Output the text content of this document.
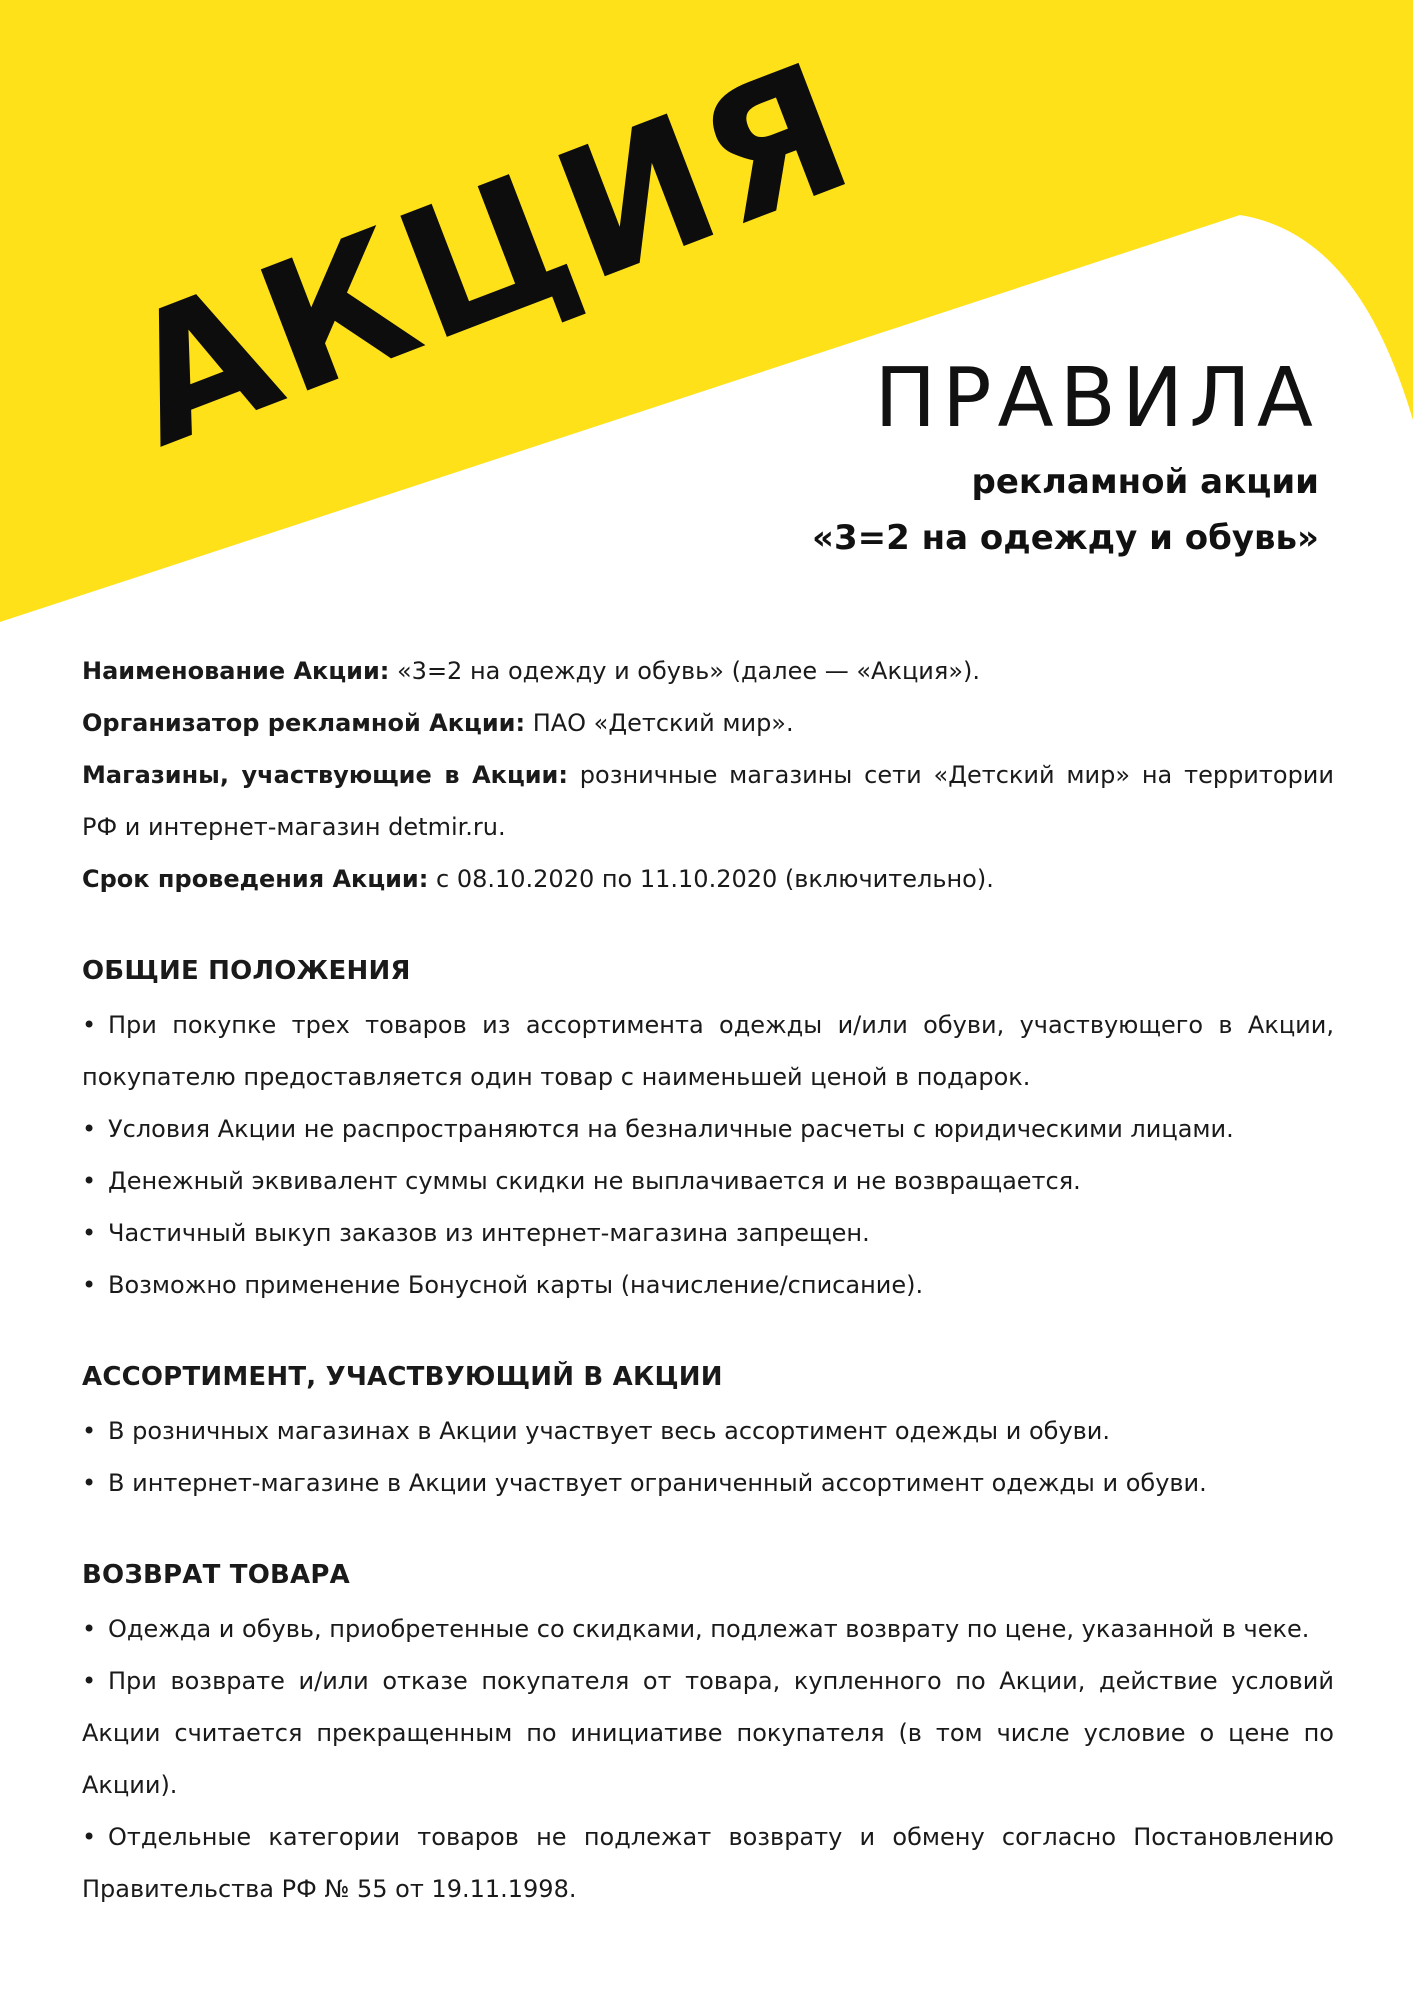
АКЦИЯ
ПРАВИЛА
рекламной акции
«3=2 на одежду и обувь»

Наименование Акции: «3=2 на одежду и обувь» (далее — «Акция»).

Организатор рекламной Акции: ПАО «Детский мир».

Магазины, участвующие в Акции: розничные магазины сети «Детский мир» на территории РФ и интернет-магазин detmir.ru.

Срок проведения Акции: с 08.10.2020 по 11.10.2020 (включительно).

ОБЩИЕ ПОЛОЖЕНИЯ
• При покупке трех товаров из ассортимента одежды и/или обуви, участвующего в Акции, покупателю предоставляется один товар с наименьшей ценой в подарок.
• Условия Акции не распространяются на безналичные расчеты с юридическими лицами.
• Денежный эквивалент суммы скидки не выплачивается и не возвращается.
• Частичный выкуп заказов из интернет-магазина запрещен.
• Возможно применение Бонусной карты (начисление/списание).
АССОРТИМЕНТ, УЧАСТВУЮЩИЙ В АКЦИИ
• В розничных магазинах в Акции участвует весь ассортимент одежды и обуви.
• В интернет-магазине в Акции участвует ограниченный ассортимент одежды и обуви.
ВОЗВРАТ ТОВАРА
• Одежда и обувь, приобретенные со скидками, подлежат возврату по цене, указанной в чеке.
• При возврате и/или отказе покупателя от товара, купленного по Акции, действие условий Акции считается прекращенным по инициативе покупателя (в том числе условие о цене по Акции).
• Отдельные категории товаров не подлежат возврату и обмену согласно Постановлению Правительства РФ № 55 от 19.11.1998.
